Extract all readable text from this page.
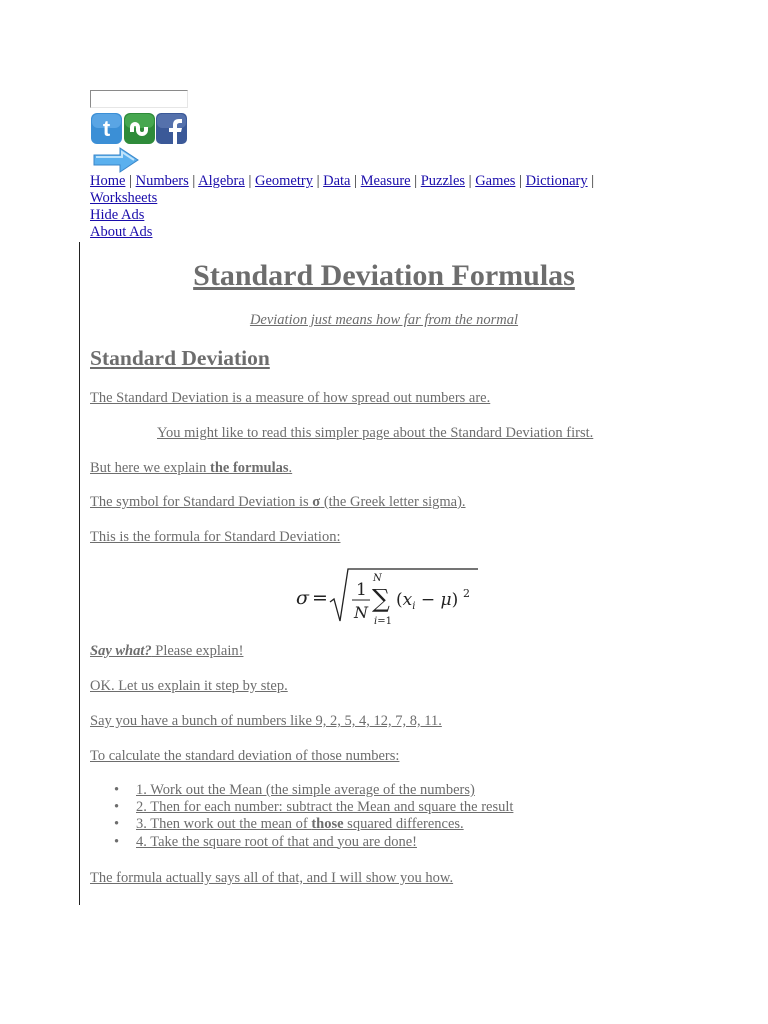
t
Home | Numbers | Algebra | Geometry | Data | Measure | Puzzles | Games | Dictionary |
Worksheets
Hide Ads
About Ads
Standard Deviation Formulas
Deviation just means how far from the normal
Standard Deviation
The Standard Deviation is a measure of how spread out numbers are.
You might like to read this simpler page about the Standard Deviation first.
But here we explain the formulas.
The symbol for Standard Deviation is σ (the Greek letter sigma).
This is the formula for Standard Deviation:
σ = 1
N
N
∑
i=1
$(x_i - \mu)$ 2
Say what? Please explain!
OK. Let us explain it step by step.
Say you have a bunch of numbers like 9, 2, 5, 4, 12, 7, 8, 11.
To calculate the standard deviation of those numbers:
• 1. Work out the Mean (the simple average of the numbers)
• 2. Then for each number: subtract the Mean and square the result
• 3. Then work out the mean of those squared differences.
• 4. Take the square root of that and you are done!
The formula actually says all of that, and I will show you how.
